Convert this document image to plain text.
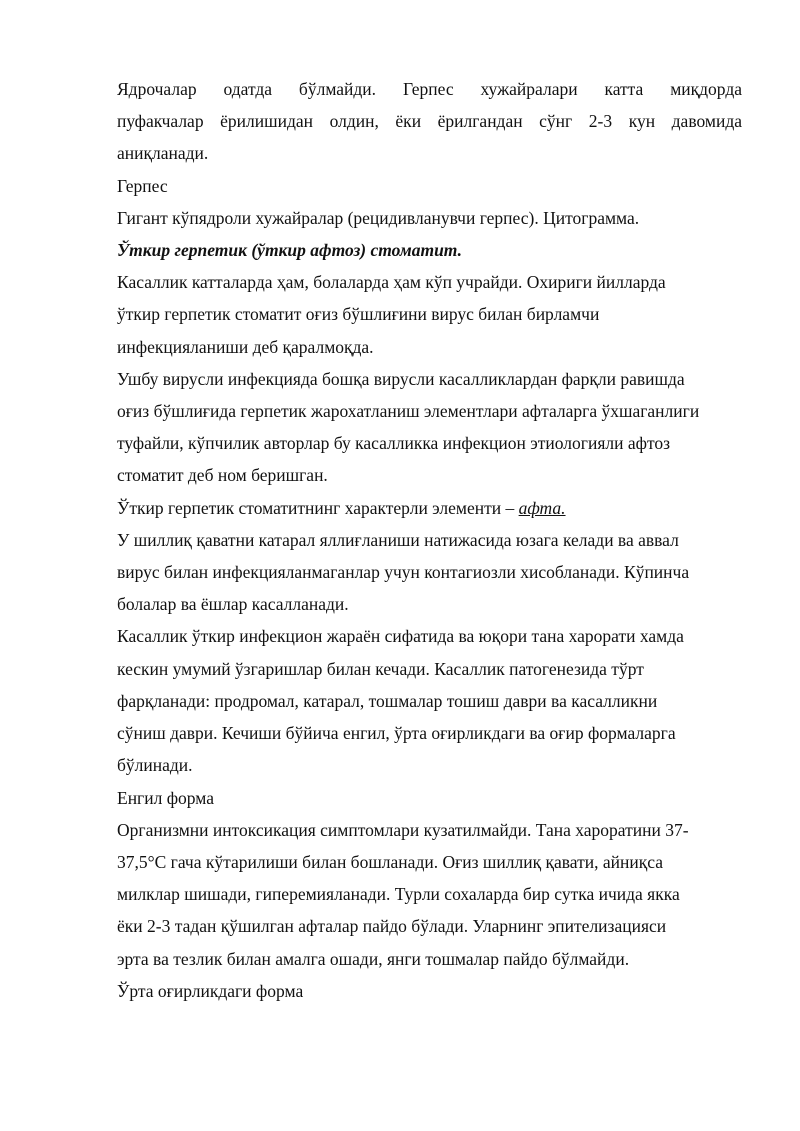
Ядрочалар одатда бўлмайди. Герпес хужайралари катта миқдорда
пуфакчалар ёрилишидан олдин, ёки ёрилгандан сўнг 2-3 кун давомида
аниқланади.
Герпес
Гигант кўпядроли хужайралар (рецидивланувчи герпес). Цитограмма.
Ўткир герпетик (ўткир афтоз) стоматит.
Касаллик катталарда ҳам, болаларда ҳам кўп учрайди. Охириги йилларда
ўткир герпетик стоматит оғиз бўшлиғини вирус билан бирламчи
инфекцияланиши деб қаралмоқда.
Ушбу вирусли инфекцияда бошқа вирусли касалликлардан фарқли равишда
оғиз бўшлиғида герпетик жарохатланиш элементлари афталарга ўхшаганлиги
туфайли, кўпчилик авторлар бу касалликка инфекцион этиологияли афтоз
стоматит деб ном беришган.
Ўткир герпетик стоматитнинг характерли элементи – афта.
У шиллиқ қаватни катарал яллиғланиши натижасида юзага келади ва аввал
вирус билан инфекцияланмаганлар учун контагиозли хисобланади. Кўпинча
болалар ва ёшлар касалланади.
Касаллик ўткир инфекцион жараён сифатида ва юқори тана харорати хамда
кескин умумий ўзгаришлар билан кечади. Касаллик патогенезида тўрт
фарқланади: продромал, катарал, тошмалар тошиш даври ва касалликни
сўниш даври. Кечиши бўйича енгил, ўрта оғирликдаги ва оғир формаларга
бўлинади.
Енгил форма
Организмни интоксикация симптомлари кузатилмайди. Тана хароратини 37-
37,5°С гача кўтарилиши билан бошланади. Оғиз шиллиқ қавати, айниқса
милклар шишади, гиперемияланади. Турли сохаларда бир сутка ичида якка
ёки 2-3 тадан қўшилган афталар пайдо бўлади. Уларнинг эпителизацияси
эрта ва тезлик билан амалга ошади, янги тошмалар пайдо бўлмайди.
Ўрта оғирликдаги форма
